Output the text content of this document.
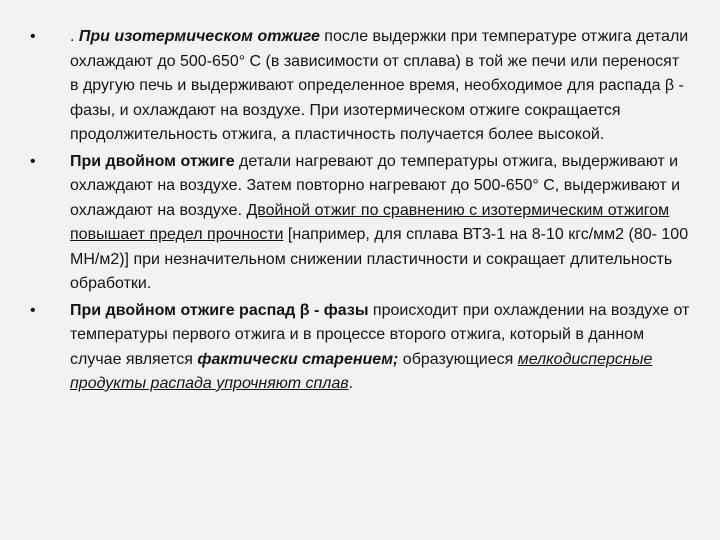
• . При изотермическом отжиге после выдержки при температуре отжига детали охлаждают до 500-650° С (в зависимости от сплава) в той же печи или переносят в другую печь и выдерживают определенное время, необходимое для распада β - фазы, и охлаждают на воздухе. При изотермическом отжиге сокращается продолжительность отжига, а пластичность получается более высокой.
• При двойном отжиге детали нагревают до температуры отжига, выдерживают и охлаждают на воздухе. Затем повторно нагревают до 500-650° С, выдерживают и охлаждают на воздухе. Двойной отжиг по сравнению с изотермическим отжигом повышает предел прочности [например, для сплава ВТ3-1 на 8-10 кгс/мм2 (80- 100 МН/м2)] при незначительном снижении пластичности и сокращает длительность обработки.
• При двойном отжиге распад β - фазы происходит при охлаждении на воздухе от температуры первого отжига и в процессе второго отжига, который в данном случае является фактически старением; образующиеся мелкодисперсные продукты распада упрочняют сплав.
